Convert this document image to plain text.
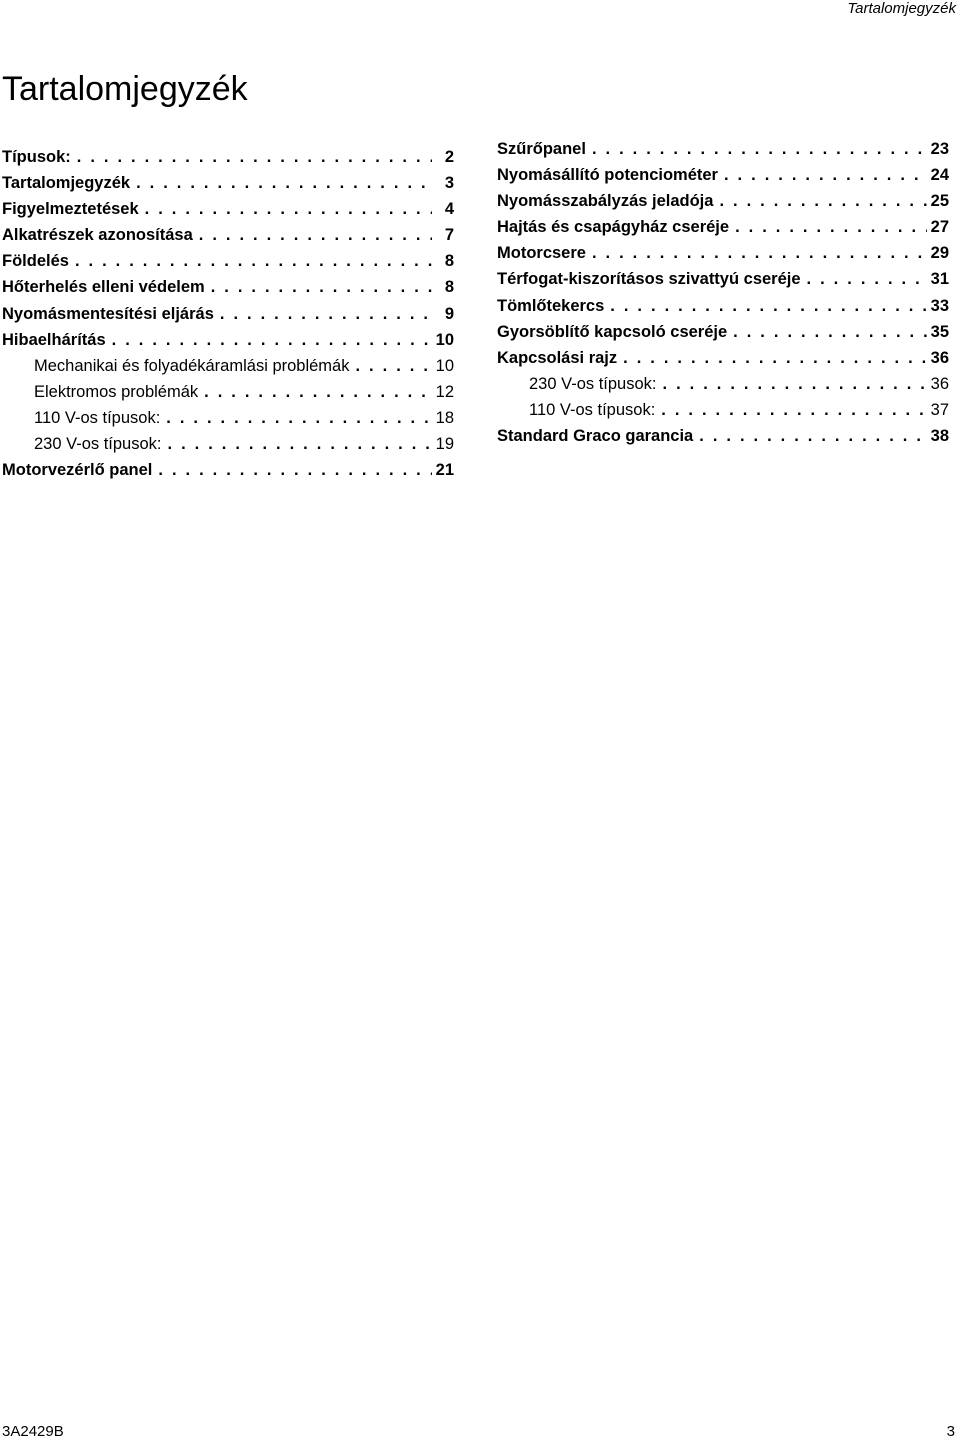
Tartalomjegyzék
Tartalomjegyzék
Típusok: . . .	2
Tartalomjegyzék . . .	3
Figyelmeztetések . . .	4
Alkatrészek azonosítása . . .	7
Földelés . . .	8
Hőterhelés elleni védelem . . .	8
Nyomásmentesítési eljárás . . .	9
Hibaelhárítás . . .	10
Mechanikai és folyadékáramlási problémák . . .	10
Elektromos problémák . . .	12
110 V-os típusok: . . .	18
230 V-os típusok: . . .	19
Motorvezérlő panel . . .	21
Szűrőpanel . . .	23
Nyomásállító potenciométer . . .	24
Nyomásszabályzás jeladója . . .	25
Hajtás és csapágyház cseréje . . .	27
Motorcsere . . .	29
Térfogat-kiszorításos szivattyú cseréje . . .	31
Tömlőtekercs . . .	33
Gyorsöblítő kapcsoló cseréje . . .	35
Kapcsolási rajz . . .	36
230 V-os típusok: . . .	36
110 V-os típusok: . . .	37
Standard Graco garancia . . .	38
3A2429B	3
